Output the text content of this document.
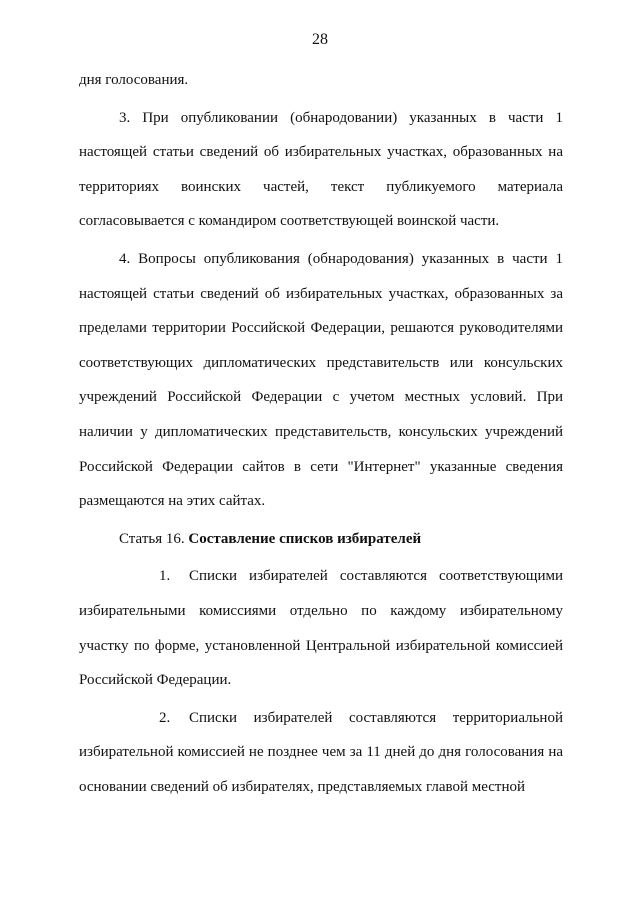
28

дня голосования.

3. При опубликовании (обнародовании) указанных в части 1 настоящей статьи сведений об избирательных участках, образованных на территориях воинских частей, текст публикуемого материала согласовывается с командиром соответствующей воинской части.

4. Вопросы опубликования (обнародования) указанных в части 1 настоящей статьи сведений об избирательных участках, образованных за пределами территории Российской Федерации, решаются руководителями соответствующих дипломатических представительств или консульских учреждений Российской Федерации с учетом местных условий. При наличии у дипломатических представительств, консульских учреждений Российской Федерации сайтов в сети "Интернет" указанные сведения размещаются на этих сайтах.

Статья 16. Составление списков избирателей

1. Списки избирателей составляются соответствующими избирательными комиссиями отдельно по каждому избирательному участку по форме, установленной Центральной избирательной комиссией Российской Федерации.

2. Списки избирателей составляются территориальной избирательной комиссией не позднее чем за 11 дней до дня голосования на основании сведений об избирателях, представляемых главой местной
